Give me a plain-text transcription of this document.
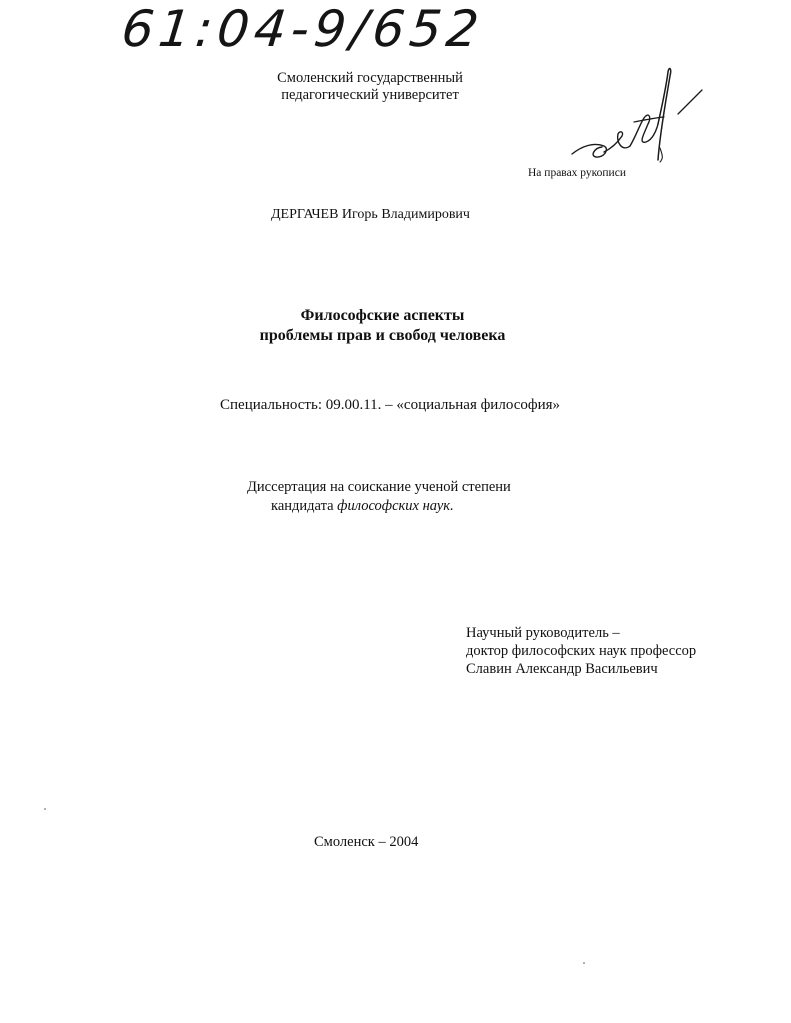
61:04-9/652
Смоленский государственный
педагогический университет
На правах рукописи
ДЕРГАЧЕВ Игорь Владимирович
Философские аспекты
проблемы прав и свобод человека
Специальность: 09.00.11. – «социальная философия»
Диссертация на соискание ученой степени
кандидата философских наук.
Научный руководитель –
доктор философских наук профессор
Славин Александр Васильевич
Смоленск – 2004
